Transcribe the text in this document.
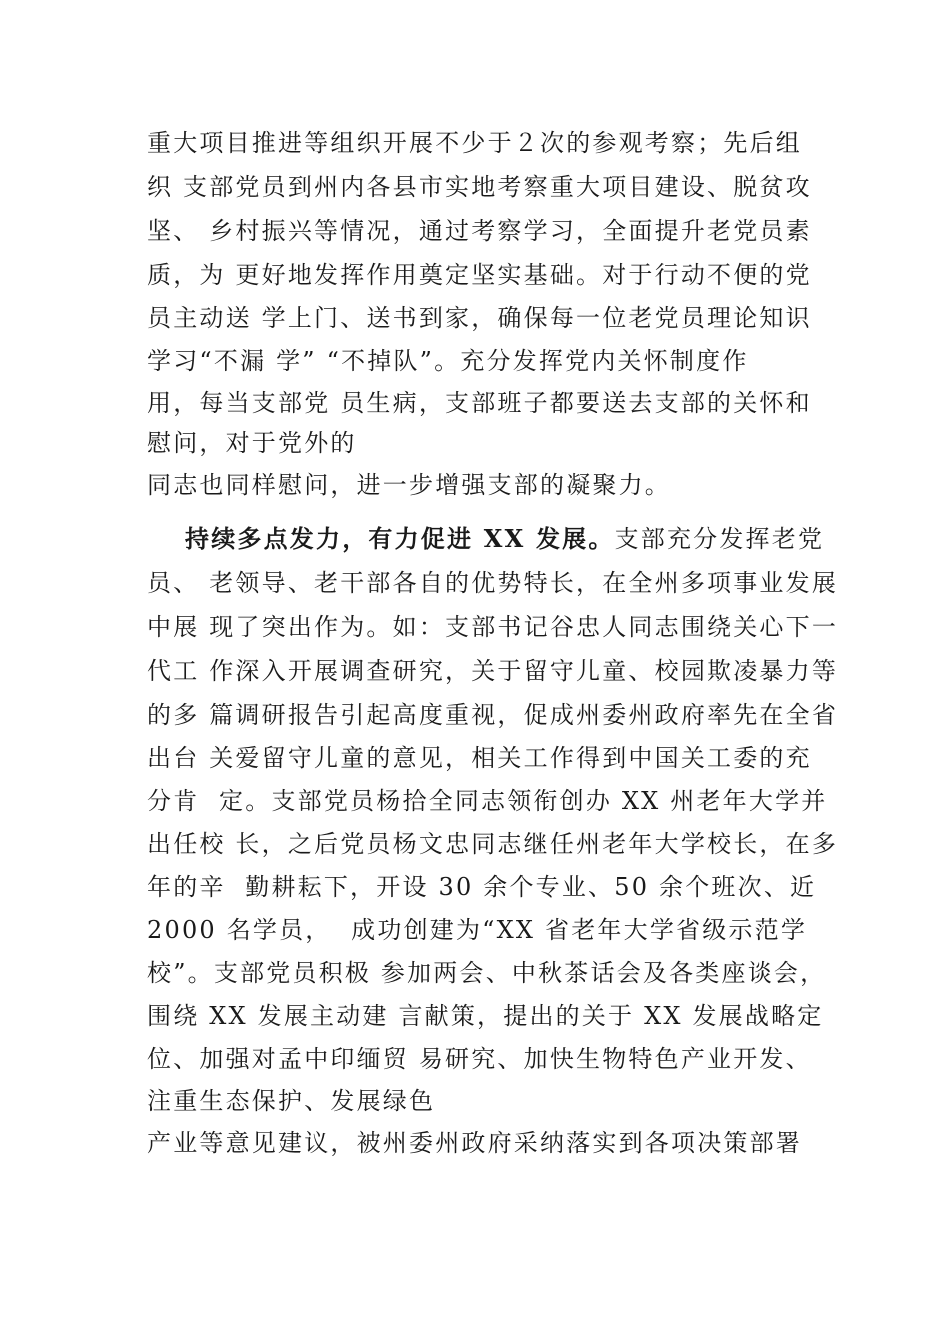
重大项目推进等组织开展不少于２次的参观考察；先后组
织 支部党员到州内各县市实地考察重大项目建设、脱贫攻
坚、 乡村振兴等情况，通过考察学习，全面提升老党员素
质，为 更好地发挥作用奠定坚实基础。对于行动不便的党
员主动送 学上门、送书到家，确保每一位老党员理论知识
学习“不漏 学” “不掉队”。充分发挥党内关怀制度作
用，每当支部党 员生病，支部班子都要送去支部的关怀和
慰问，对于党外的
同志也同样慰问，进一步增强支部的凝聚力。
持续多点发力，有力促进 XX 发展。支部充分发挥老党
员、 老领导、老干部各自的优势特长，在全州多项事业发展
中展 现了突出作为。如：支部书记谷忠人同志围绕关心下一
代工 作深入开展调查研究，关于留守儿童、校园欺凌暴力等
的多 篇调研报告引起高度重视，促成州委州政府率先在全省
出台 关爱留守儿童的意见，相关工作得到中国关工委的充
分肯  定。支部党员杨拾全同志领衔创办 XX 州老年大学并
出任校 长，之后党员杨文忠同志继任州老年大学校长，在多
年的辛  勤耕耘下，开设 30 余个专业、50 余个班次、近
2000 名学员，  成功创建为“XX 省老年大学省级示范学
校”。支部党员积极 参加两会、中秋茶话会及各类座谈会，
围绕 XX 发展主动建 言献策，提出的关于 XX 发展战略定
位、加强对孟中印缅贸 易研究、加快生物特色产业开发、
注重生态保护、发展绿色
产业等意见建议，被州委州政府采纳落实到各项决策部署
